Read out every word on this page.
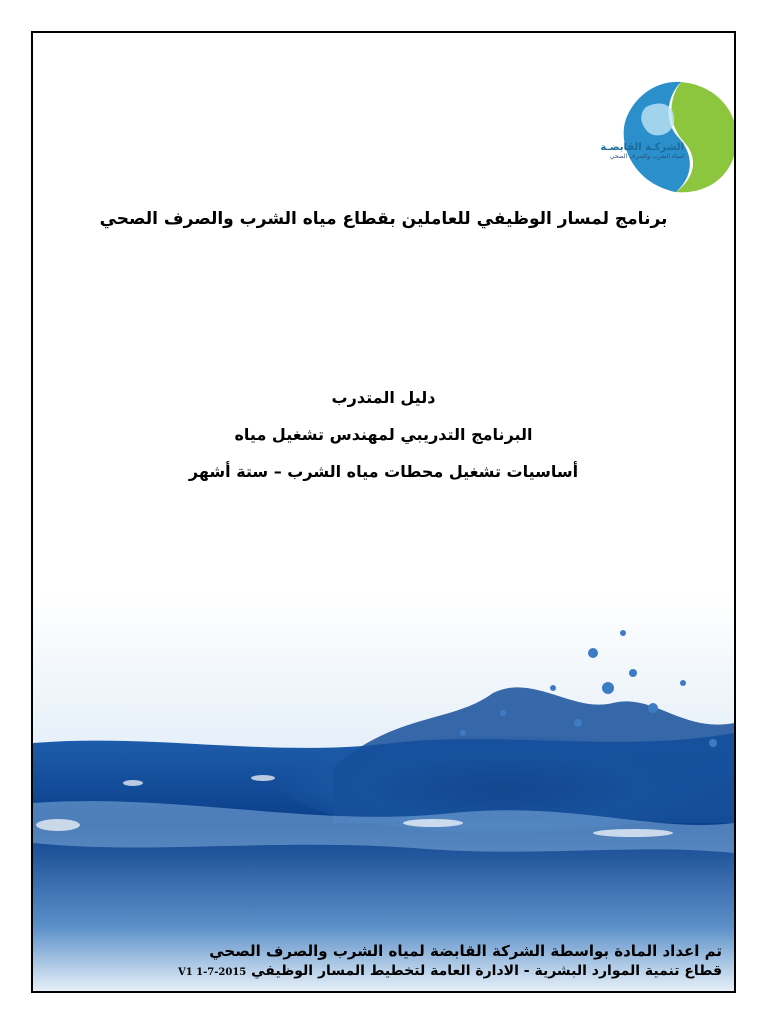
الشركـة القابضـة
لمياه الشرب والصرف الصحي
برنامج لمسار الوظيفي للعاملين بقطاع مياه الشرب والصرف الصحي
دليل المتدرب
البرنامج التدريبي لمهندس تشغيل مياه
أساسيات تشغيل محطات مياه الشرب – ستة أشهر
تم اعداد المادة بواسطة الشركة القابضة لمياه الشرب والصرف الصحي
قطاع تنمية الموارد البشرية - الادارة العامة لتخطيط المسار الوظيفي V1 1-7-2015
